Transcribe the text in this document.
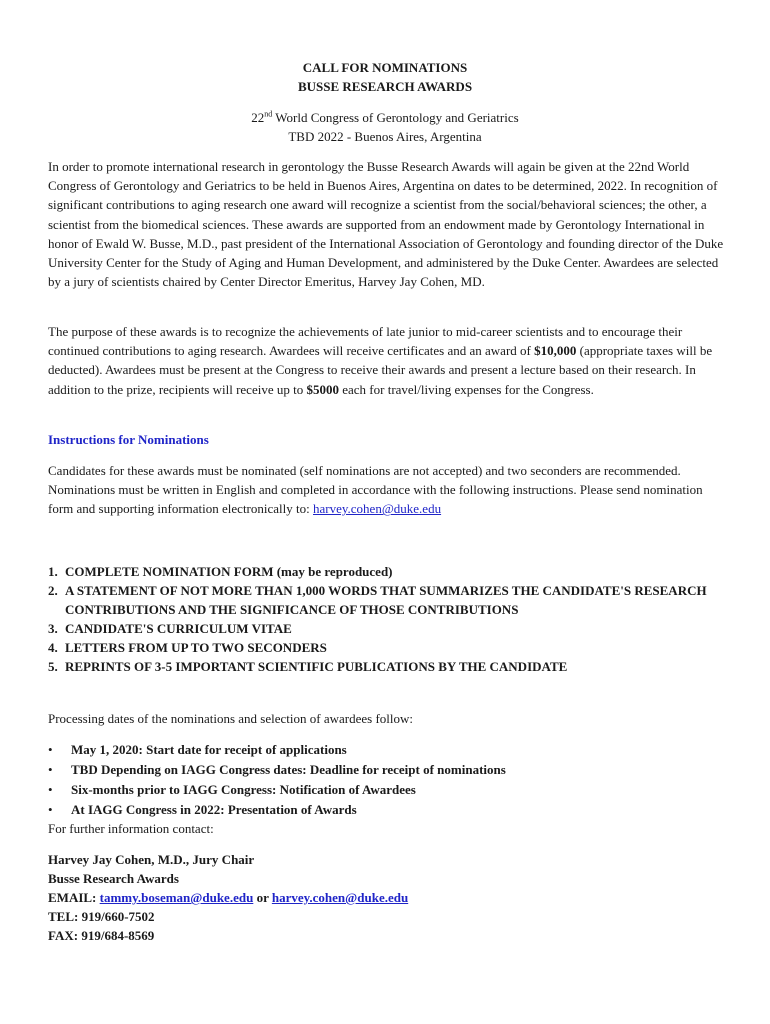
CALL FOR NOMINATIONS
BUSSE RESEARCH AWARDS
22nd World Congress of Gerontology and Geriatrics
TBD 2022 - Buenos Aires, Argentina

In order to promote international research in gerontology the Busse Research Awards will again be given at the 22nd World Congress of Gerontology and Geriatrics to be held in Buenos Aires, Argentina on dates to be determined, 2022. In recognition of significant contributions to aging research one award will recognize a scientist from the social/behavioral sciences; the other, a scientist from the biomedical sciences. These awards are supported from an endowment made by Gerontology International in honor of Ewald W. Busse, M.D., past president of the International Association of Gerontology and founding director of the Duke University Center for the Study of Aging and Human Development, and administered by the Duke Center. Awardees are selected by a jury of scientists chaired by Center Director Emeritus, Harvey Jay Cohen, MD.

The purpose of these awards is to recognize the achievements of late junior to mid-career scientists and to encourage their continued contributions to aging research. Awardees will receive certificates and an award of $10,000 (appropriate taxes will be deducted). Awardees must be present at the Congress to receive their awards and present a lecture based on their research. In addition to the prize, recipients will receive up to $5000 each for travel/living expenses for the Congress.

Instructions for Nominations

Candidates for these awards must be nominated (self nominations are not accepted) and two seconders are recommended. Nominations must be written in English and completed in accordance with the following instructions. Please send nomination form and supporting information electronically to: harvey.cohen@duke.edu

1. COMPLETE NOMINATION FORM (may be reproduced)
2. A STATEMENT OF NOT MORE THAN 1,000 WORDS THAT SUMMARIZES THE CANDIDATE'S RESEARCH CONTRIBUTIONS AND THE SIGNIFICANCE OF THOSE CONTRIBUTIONS
3. CANDIDATE'S CURRICULUM VITAE
4. LETTERS FROM UP TO TWO SECONDERS
5. REPRINTS OF 3-5 IMPORTANT SCIENTIFIC PUBLICATIONS BY THE CANDIDATE
Processing dates of the nominations and selection of awardees follow:
•	May 1, 2020: Start date for receipt of applications
•	TBD Depending on IAGG Congress dates: Deadline for receipt of nominations
•	Six-months prior to IAGG Congress: Notification of Awardees
•	At IAGG Congress in 2022: Presentation of Awards
For further information contact:
Harvey Jay Cohen, M.D., Jury Chair
Busse Research Awards
EMAIL: tammy.boseman@duke.edu or harvey.cohen@duke.edu
TEL: 919/660-7502
FAX: 919/684-8569
